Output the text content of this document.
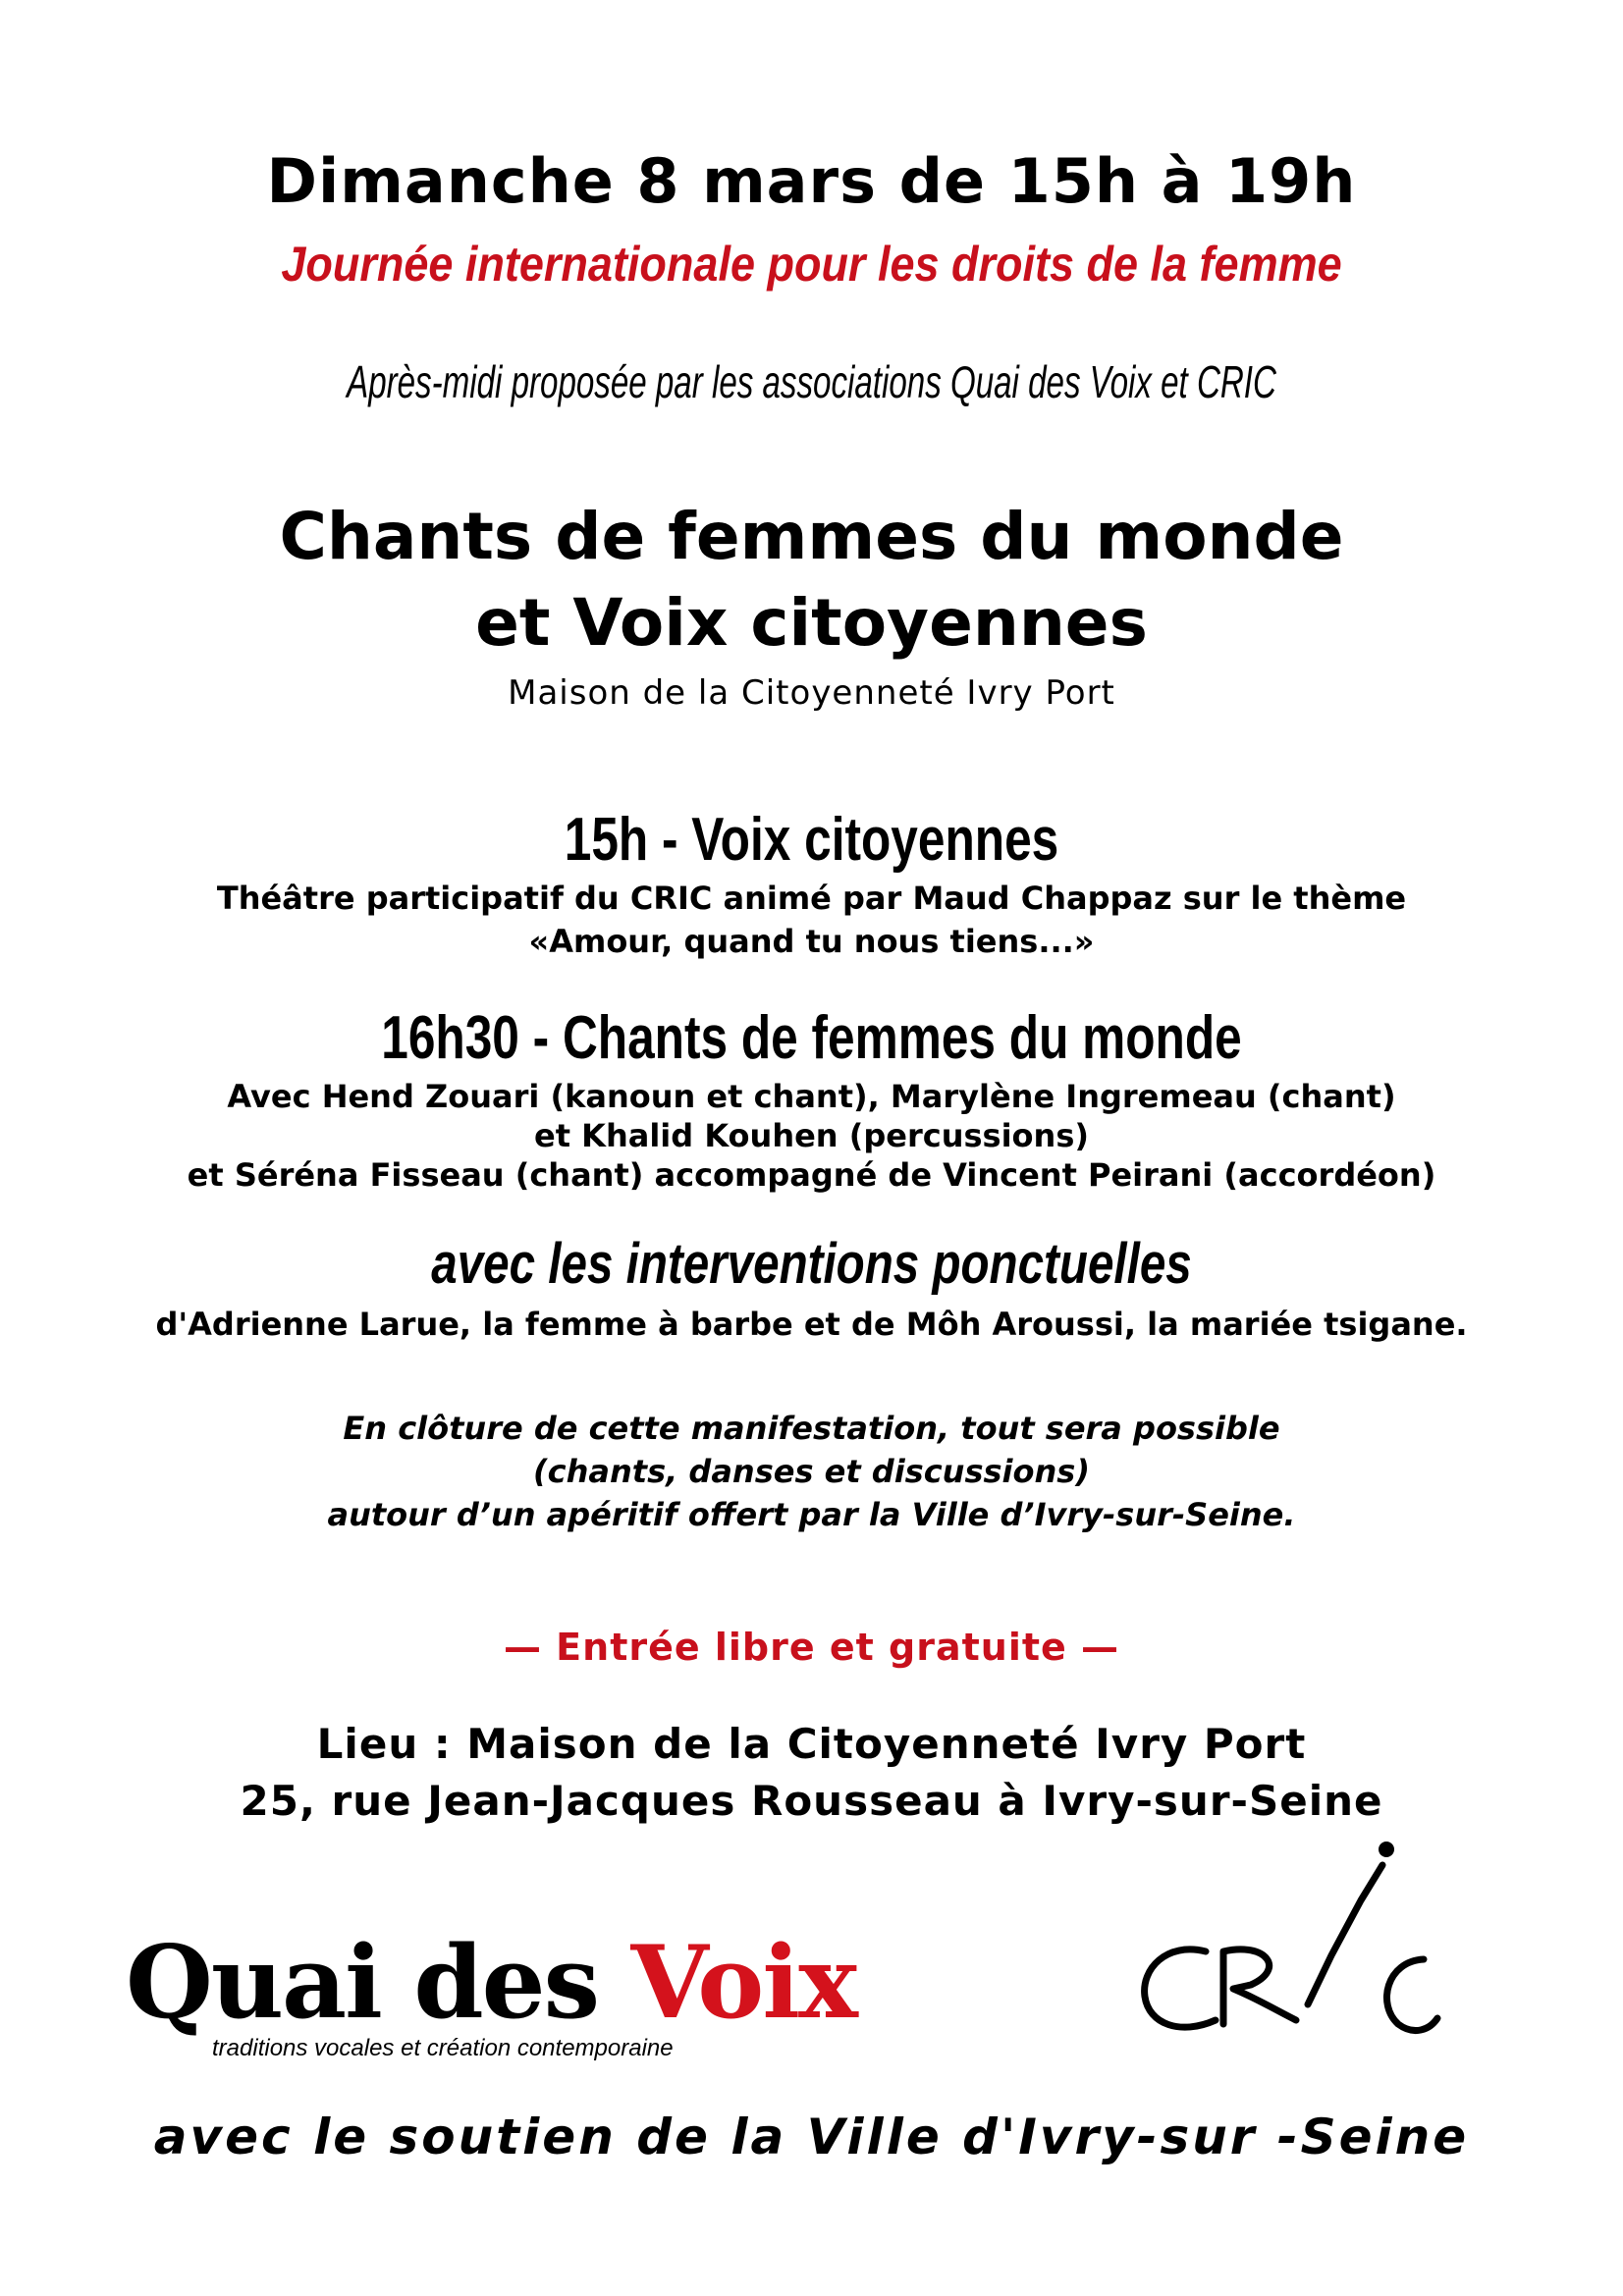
Dimanche 8 mars de 15h à 19h
Journée internationale pour les droits de la femme
Après-midi proposée par les associations Quai des Voix et CRIC
Chants de femmes du monde
et Voix citoyennes
Maison de la Citoyenneté Ivry Port
15h - Voix citoyennes
Théâtre participatif du CRIC animé par Maud Chappaz sur le thème
«Amour, quand tu nous tiens...»
16h30 - Chants de femmes du monde
Avec Hend Zouari (kanoun et chant), Marylène Ingremeau (chant)
et Khalid Kouhen (percussions)
et Séréna Fisseau (chant) accompagné de Vincent Peirani (accordéon)
avec les interventions ponctuelles
d'Adrienne Larue, la femme à barbe et de Môh Aroussi, la mariée tsigane.
En clôture de cette manifestation, tout sera possible
(chants, danses et discussions)
autour d’un apéritif offert par la Ville d’Ivry-sur-Seine.
— Entrée libre et gratuite —
Lieu : Maison de la Citoyenneté Ivry Port
25, rue Jean-Jacques Rousseau à Ivry-sur-Seine
Quai des Voix
traditions vocales et création contemporaine
avec le soutien de la Ville d'Ivry-sur -Seine
